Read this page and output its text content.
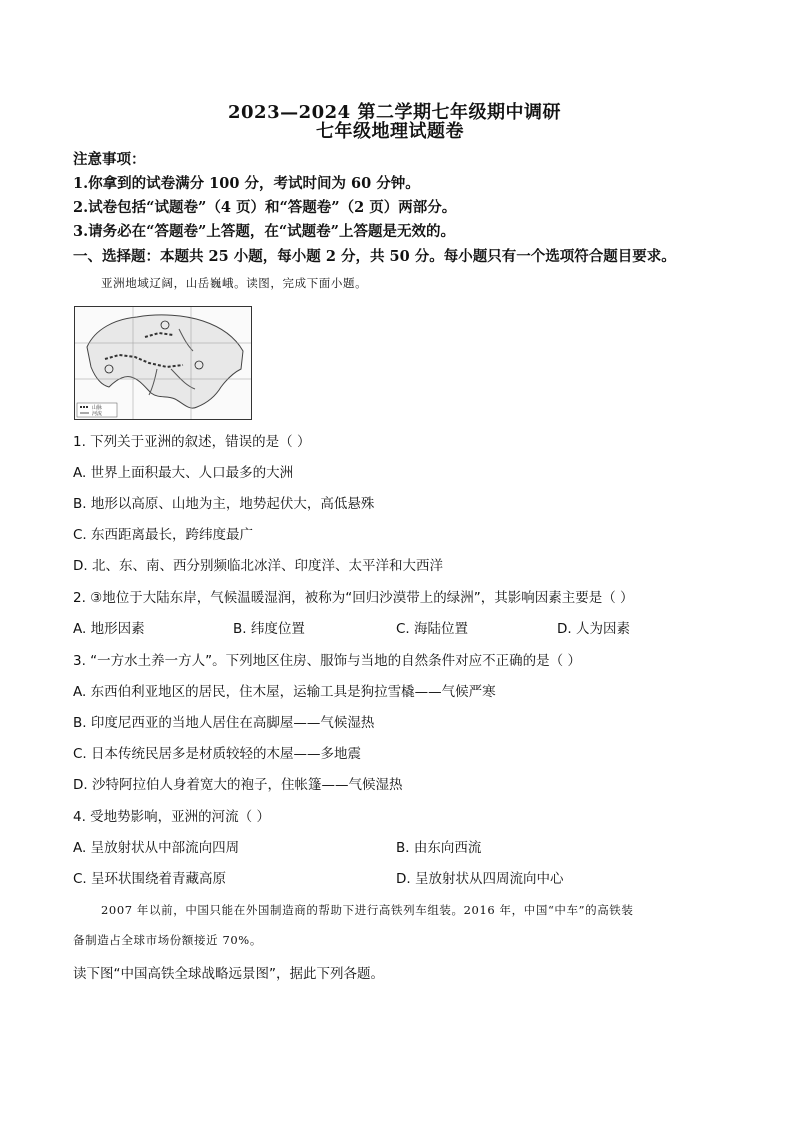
2023—2024 第二学期七年级期中调研
七年级地理试题卷
注意事项：
1.你拿到的试卷满分 100 分，考试时间为 60 分钟。
2.试卷包括“试题卷”（4 页）和“答题卷”（2 页）两部分。
3.请务必在“答题卷”上答题，在“试题卷”上答题是无效的。
一、选择题：本题共 25 小题，每小题 2 分，共 50 分。每小题只有一个选项符合题目要求。
亚洲地域辽阔，山岳巍峨。读图，完成下面小题。
山脉
河流
1. 下列关于亚洲的叙述，错误的是（ ）
A. 世界上面积最大、人口最多的大洲
B. 地形以高原、山地为主，地势起伏大，高低悬殊
C. 东西距离最长，跨纬度最广
D. 北、东、南、西分别频临北冰洋、印度洋、太平洋和大西洋
2. ③地位于大陆东岸，气候温暖湿润，被称为“回归沙漠带上的绿洲”，其影响因素主要是（ ）
A. 地形因素	B. 纬度位置	C. 海陆位置	D. 人为因素
3. “一方水土养一方人”。下列地区住房、服饰与当地的自然条件对应不正确的是（ ）
A. 东西伯利亚地区的居民，住木屋，运输工具是狗拉雪橇——气候严寒
B. 印度尼西亚的当地人居住在高脚屋——气候湿热
C. 日本传统民居多是材质较轻的木屋——多地震
D. 沙特阿拉伯人身着宽大的袍子，住帐篷——气候湿热
4. 受地势影响，亚洲的河流（ ）
A. 呈放射状从中部流向四周	B. 由东向西流
C. 呈环状围绕着青藏高原	D. 呈放射状从四周流向中心
2007 年以前，中国只能在外国制造商的帮助下进行高铁列车组装。2016 年，中国“中车”的高铁装
备制造占全球市场份额接近 70%。
读下图“中国高铁全球战略远景图”，据此下列各题。
